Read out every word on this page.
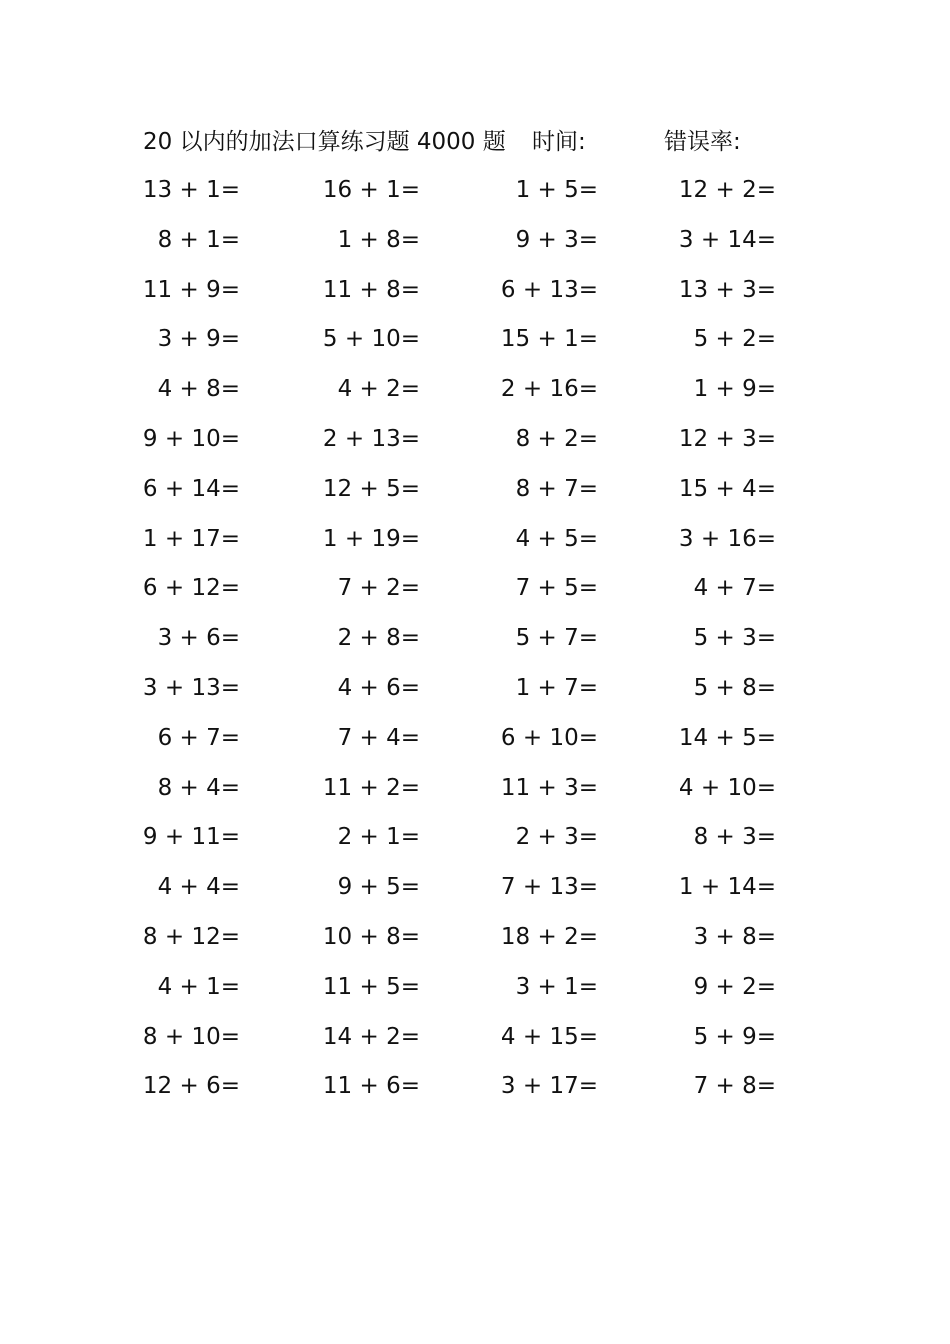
20 以内的加法口算练习题 4000 题 时间:	错误率:
13 + 1=	16 + 1=	1 + 5=	12 + 2=
8 + 1=	1 + 8=	9 + 3=	3 + 14=
11 + 9=	11 + 8=	6 + 13=	13 + 3=
3 + 9=	5 + 10=	15 + 1=	5 + 2=
4 + 8=	4 + 2=	2 + 16=	1 + 9=
9 + 10=	2 + 13=	8 + 2=	12 + 3=
6 + 14=	12 + 5=	8 + 7=	15 + 4=
1 + 17=	1 + 19=	4 + 5=	3 + 16=
6 + 12=	7 + 2=	7 + 5=	4 + 7=
3 + 6=	2 + 8=	5 + 7=	5 + 3=
3 + 13=	4 + 6=	1 + 7=	5 + 8=
6 + 7=	7 + 4=	6 + 10=	14 + 5=
8 + 4=	11 + 2=	11 + 3=	4 + 10=
9 + 11=	2 + 1=	2 + 3=	8 + 3=
4 + 4=	9 + 5=	7 + 13=	1 + 14=
8 + 12=	10 + 8=	18 + 2=	3 + 8=
4 + 1=	11 + 5=	3 + 1=	9 + 2=
8 + 10=	14 + 2=	4 + 15=	5 + 9=
12 + 6=	11 + 6=	3 + 17=	7 + 8=
